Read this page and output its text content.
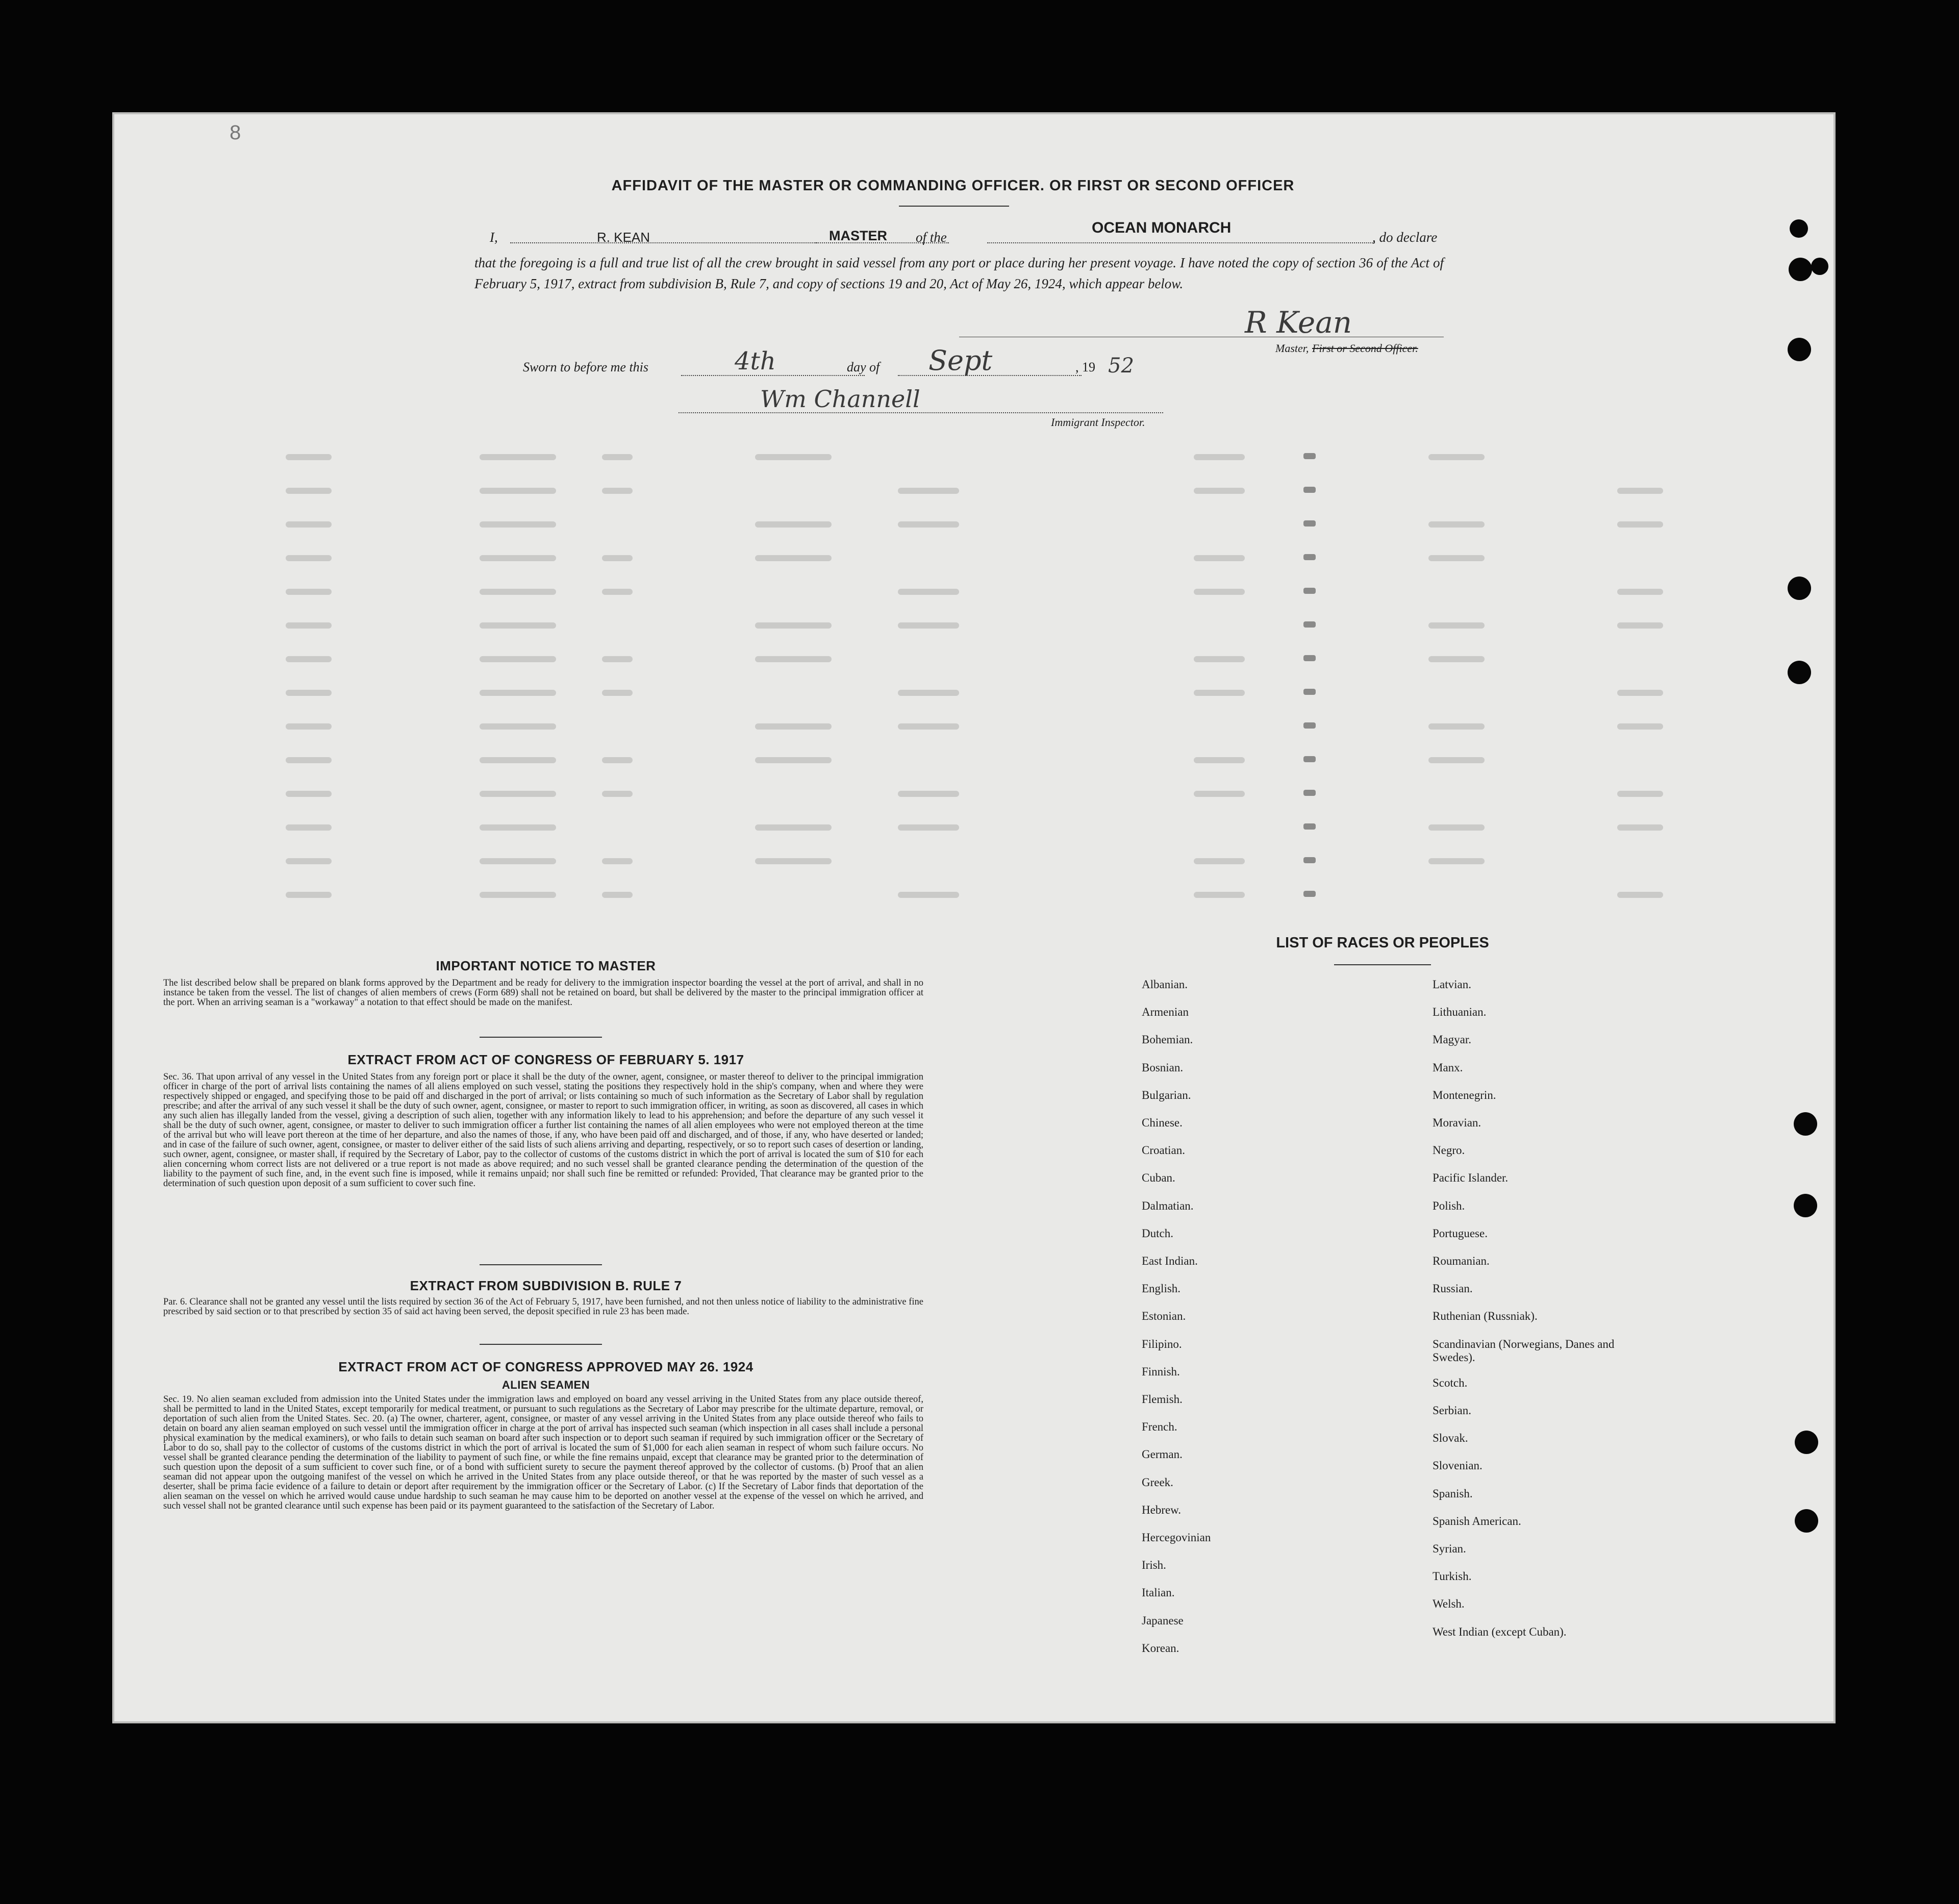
8
AFFIDAVIT OF THE MASTER OR COMMANDING OFFICER. OR FIRST OR SECOND OFFICER
I,	R. KEAN	MASTER of the
OCEAN MONARCH
, do declare
that the foregoing is a full and true list of all the crew brought in said vessel from any port or place during her present voyage. I have noted the copy of section 36 of the Act of February 5, 1917, extract from subdivision B, Rule 7, and copy of sections 19 and 20, Act of May 26, 1924, which appear below.
R Kean
Master, First or Second Officer.
Sworn to before me this	4th	day of Sept	, 19 52
Wm Channell
Immigrant Inspector.
IMPORTANT NOTICE TO MASTER
The list described below shall be prepared on blank forms approved by the Department and be ready for delivery to the immigration inspector boarding the vessel at the port of arrival, and shall in no instance be taken from the vessel. The list of changes of alien members of crews (Form 689) shall not be retained on board, but shall be delivered by the master to the principal immigration officer at the port. When an arriving seaman is a "workaway" a notation to that effect should be made on the manifest.
EXTRACT FROM ACT OF CONGRESS OF FEBRUARY 5. 1917
Sec. 36. That upon arrival of any vessel in the United States from any foreign port or place it shall be the duty of the owner, agent, consignee, or master thereof to deliver to the principal immigration officer in charge of the port of arrival lists containing the names of all aliens employed on such vessel, stating the positions they respectively hold in the ship's company, when and where they were respectively shipped or engaged, and specifying those to be paid off and discharged in the port of arrival; or lists containing so much of such information as the Secretary of Labor shall by regulation prescribe; and after the arrival of any such vessel it shall be the duty of such owner, agent, consignee, or master to report to such immigration officer, in writing, as soon as discovered, all cases in which any such alien has illegally landed from the vessel, giving a description of such alien, together with any information likely to lead to his apprehension; and before the departure of any such vessel it shall be the duty of such owner, agent, consignee, or master to deliver to such immigration officer a further list containing the names of all alien employees who were not employed thereon at the time of the arrival but who will leave port thereon at the time of her departure, and also the names of those, if any, who have been paid off and discharged, and of those, if any, who have deserted or landed; and in case of the failure of such owner, agent, consignee, or master to deliver either of the said lists of such aliens arriving and departing, respectively, or so to report such cases of desertion or landing, such owner, agent, consignee, or master shall, if required by the Secretary of Labor, pay to the collector of customs of the customs district in which the port of arrival is located the sum of $10 for each alien concerning whom correct lists are not delivered or a true report is not made as above required; and no such vessel shall be granted clearance pending the determination of the question of the liability to the payment of such fine, and, in the event such fine is imposed, while it remains unpaid; nor shall such fine be remitted or refunded: Provided, That clearance may be granted prior to the determination of such question upon deposit of a sum sufficient to cover such fine.
EXTRACT FROM SUBDIVISION B. RULE 7
Par. 6. Clearance shall not be granted any vessel until the lists required by section 36 of the Act of February 5, 1917, have been furnished, and not then unless notice of liability to the administrative fine prescribed by said section or to that prescribed by section 35 of said act having been served, the deposit specified in rule 23 has been made.
EXTRACT FROM ACT OF CONGRESS APPROVED MAY 26. 1924
ALIEN SEAMEN
Sec. 19. No alien seaman excluded from admission into the United States under the immigration laws and employed on board any vessel arriving in the United States from any place outside thereof, shall be permitted to land in the United States, except temporarily for medical treatment, or pursuant to such regulations as the Secretary of Labor may prescribe for the ultimate departure, removal, or deportation of such alien from the United States. Sec. 20. (a) The owner, charterer, agent, consignee, or master of any vessel arriving in the United States from any place outside thereof who fails to detain on board any alien seaman employed on such vessel until the immigration officer in charge at the port of arrival has inspected such seaman (which inspection in all cases shall include a personal physical examination by the medical examiners), or who fails to detain such seaman on board after such inspection or to deport such seaman if required by such immigration officer or the Secretary of Labor to do so, shall pay to the collector of customs of the customs district in which the port of arrival is located the sum of $1,000 for each alien seaman in respect of whom such failure occurs. No vessel shall be granted clearance pending the determination of the liability to payment of such fine, or while the fine remains unpaid, except that clearance may be granted prior to the determination of such question upon the deposit of a sum sufficient to cover such fine, or of a bond with sufficient surety to secure the payment thereof approved by the collector of customs. (b) Proof that an alien seaman did not appear upon the outgoing manifest of the vessel on which he arrived in the United States from any place outside thereof, or that he was reported by the master of such vessel as a deserter, shall be prima facie evidence of a failure to detain or deport after requirement by the immigration officer or the Secretary of Labor. (c) If the Secretary of Labor finds that deportation of the alien seaman on the vessel on which he arrived would cause undue hardship to such seaman he may cause him to be deported on another vessel at the expense of the vessel on which he arrived, and such vessel shall not be granted clearance until such expense has been paid or its payment guaranteed to the satisfaction of the Secretary of Labor.
LIST OF RACES OR PEOPLES
Albanian.
Armenian
Bohemian.
Bosnian.
Bulgarian.
Chinese.
Croatian.
Cuban.
Dalmatian.
Dutch.
East Indian.
English.
Estonian.
Filipino.
Finnish.
Flemish.
French.
German.
Greek.
Hebrew.
Hercegovinian
Irish.
Italian.
Japanese
Korean.
Latvian.
Lithuanian.
Magyar.
Manx.
Montenegrin.
Moravian.
Negro.
Pacific Islander.
Polish.
Portuguese.
Roumanian.
Russian.
Ruthenian (Russniak).
Scandinavian (Norwegians, Danes and Swedes).
Scotch.
Serbian.
Slovak.
Slovenian.
Spanish.
Spanish American.
Syrian.
Turkish.
Welsh.
West Indian (except Cuban).
